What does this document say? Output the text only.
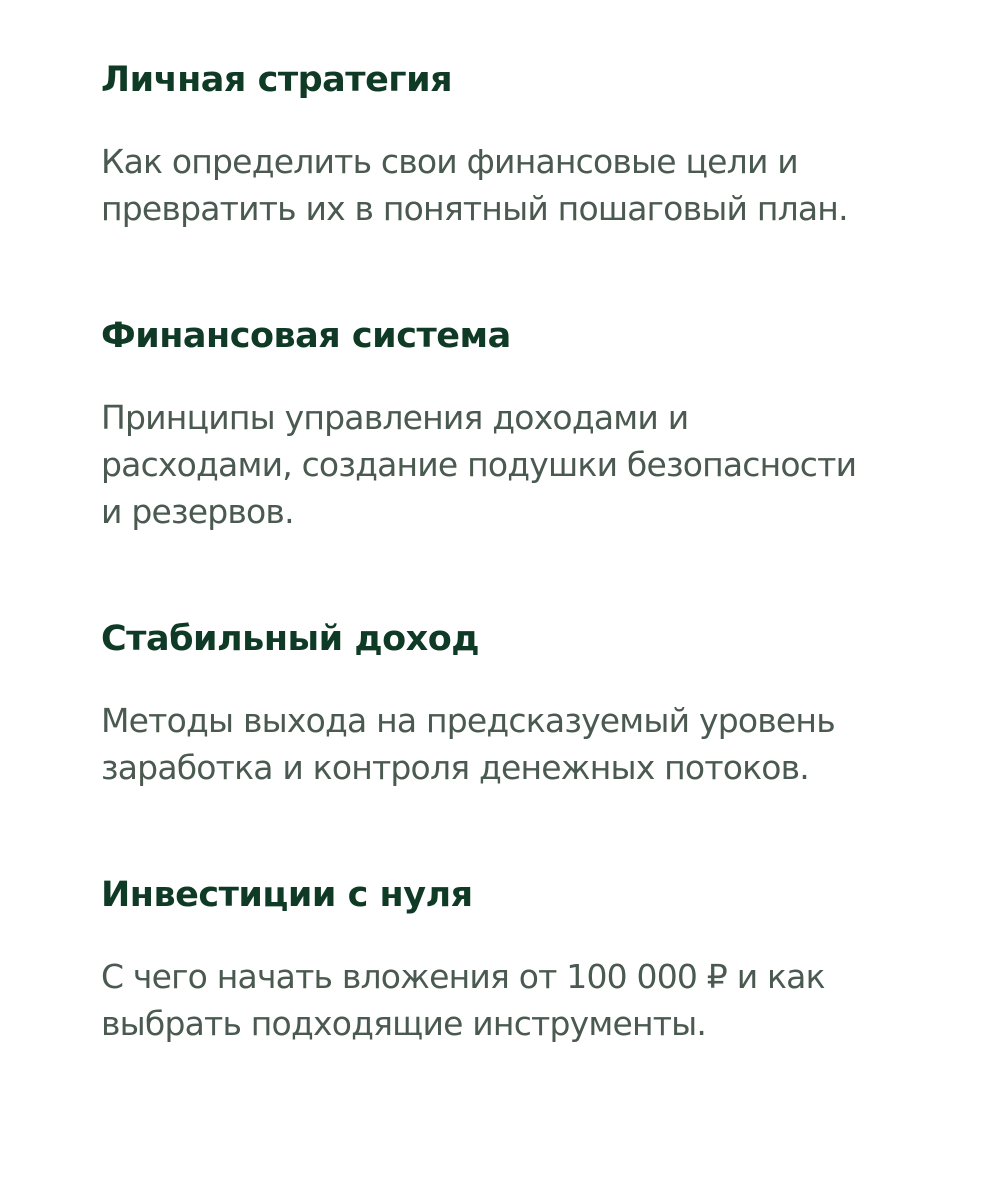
Личная стратегия

Как определить свои финансовые цели и
превратить их в понятный пошаговый план.

Финансовая система

Принципы управления доходами и
расходами, создание подушки безопасности
и резервов.

Стабильный доход

Методы выхода на предсказуемый уровень
заработка и контроля денежных потоков.

Инвестиции с нуля

С чего начать вложения от 100 000 ₽ и как
выбрать подходящие инструменты.
